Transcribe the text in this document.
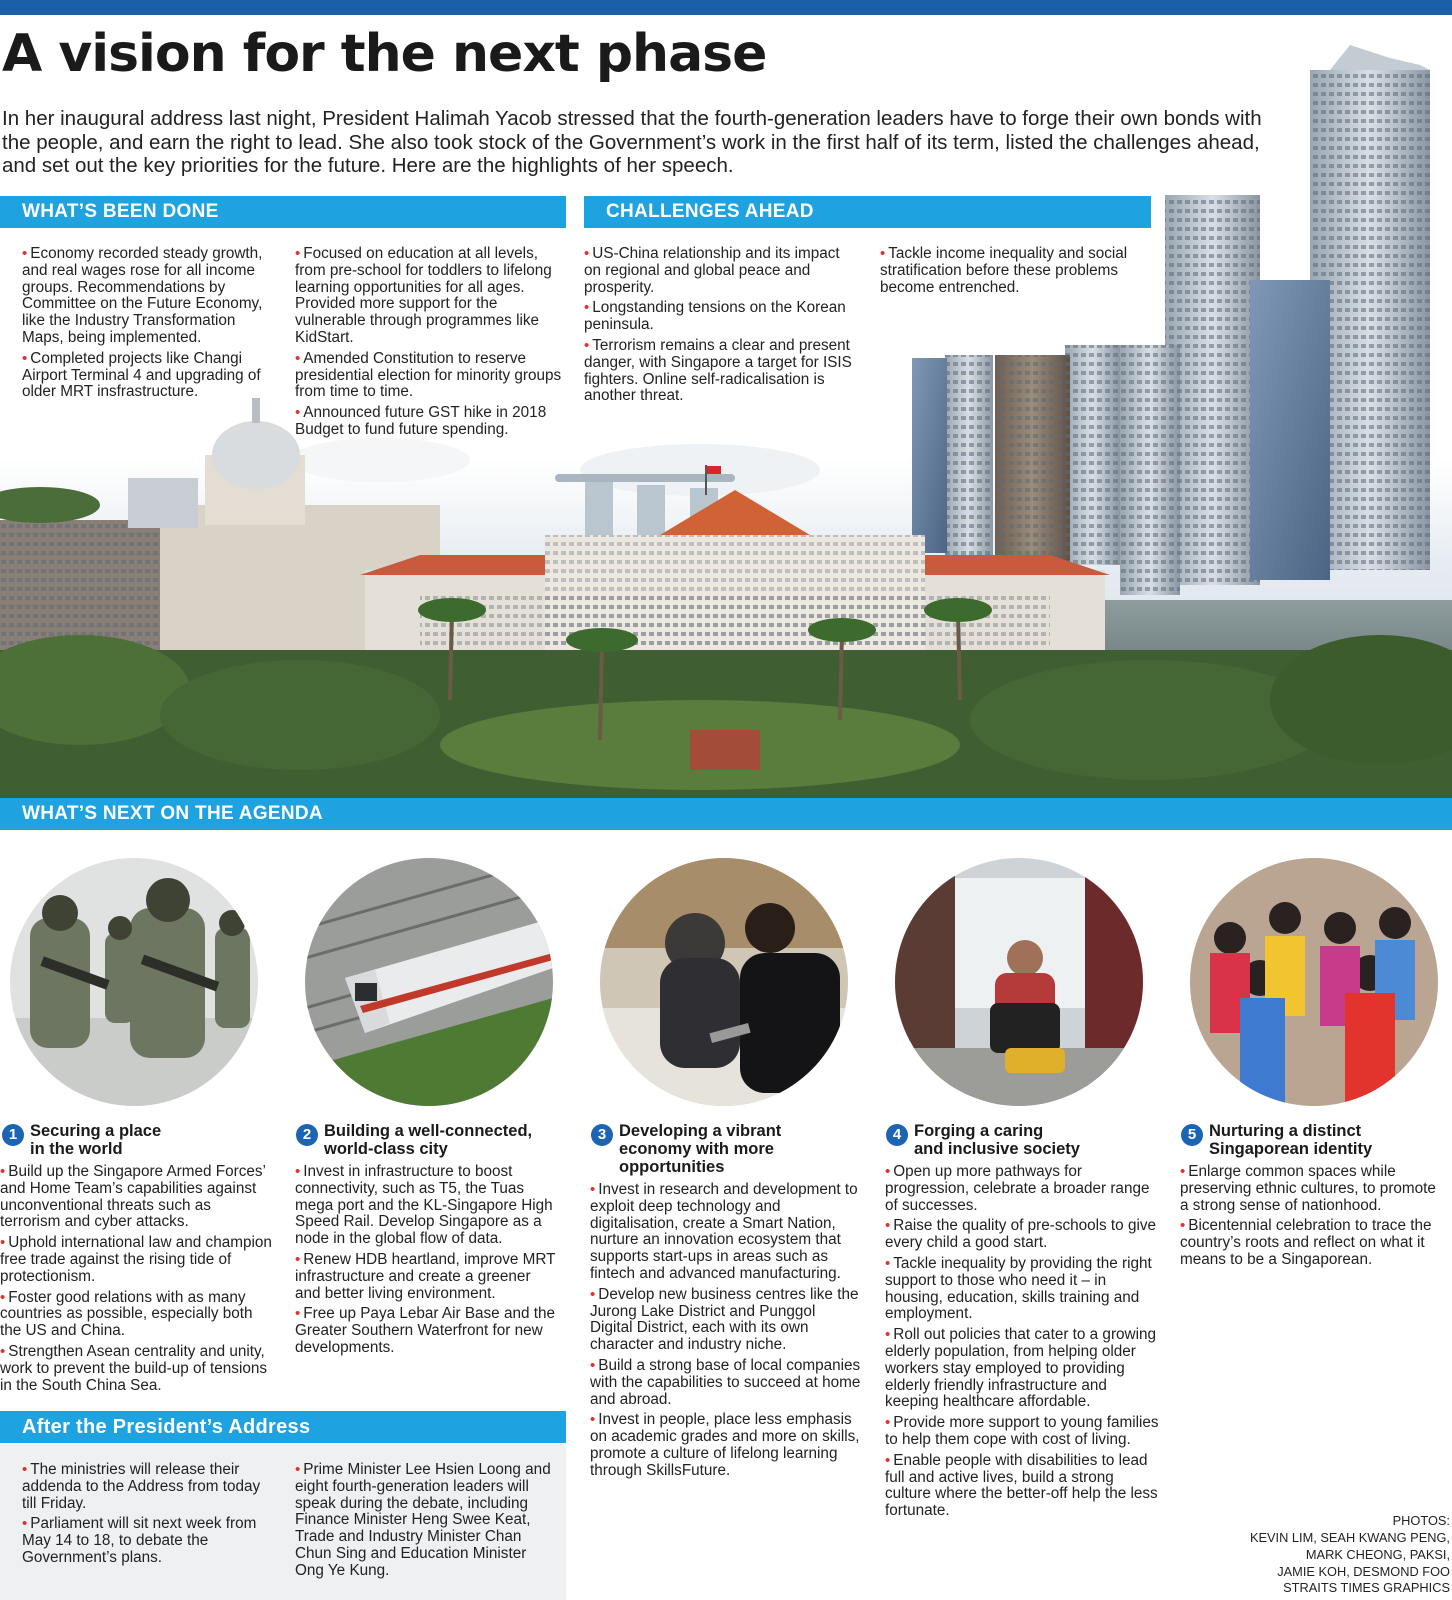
A vision for the next phase
In her inaugural address last night, President Halimah Yacob stressed that the fourth-generation leaders have to forge their own bonds with the people, and earn the right to lead. She also took stock of the Government’s work in the first half of its term, listed the challenges ahead, and set out the key priorities for the future. Here are the highlights of her speech.
WHAT’S BEEN DONE
• Economy recorded steady growth, and real wages rose for all income groups. Recommendations by Committee on the Future Economy, like the Industry Transformation Maps, being implemented.
• Completed projects like Changi Airport Terminal 4 and upgrading of older MRT insfrastructure.
• Focused on education at all levels, from pre-school for toddlers to lifelong learning opportunities for all ages. Provided more support for the vulnerable through programmes like KidStart.
• Amended Constitution to reserve presidential election for minority groups from time to time.
• Announced future GST hike in 2018 Budget to fund future spending.
CHALLENGES AHEAD
• US-China relationship and its impact on regional and global peace and prosperity.
• Longstanding tensions on the Korean peninsula.
• Terrorism remains a clear and present danger, with Singapore a target for ISIS fighters. Online self-radicalisation is another threat.
• Tackle income inequality and social stratification before these problems become entrenched.
WHAT’S NEXT ON THE AGENDA
1 Securing a place
in the world
• Build up the Singapore Armed Forces’ and Home Team’s capabilities against unconventional threats such as terrorism and cyber attacks.
• Uphold international law and champion free trade against the rising tide of protectionism.
• Foster good relations with as many countries as possible, especially both the US and China.
• Strengthen Asean centrality and unity, work to prevent the build-up of tensions in the South China Sea.
2 Building a well-connected,
world-class city
• Invest in infrastructure to boost connectivity, such as T5, the Tuas mega port and the KL-Singapore High Speed Rail. Develop Singapore as a node in the global flow of data.
• Renew HDB heartland, improve MRT infrastructure and create a greener and better living environment.
• Free up Paya Lebar Air Base and the Greater Southern Waterfront for new developments.
3 Developing a vibrant
economy with more
opportunities
• Invest in research and development to exploit deep technology and digitalisation, create a Smart Nation, nurture an innovation ecosystem that supports start-ups in areas such as fintech and advanced manufacturing.
• Develop new business centres like the Jurong Lake District and Punggol Digital District, each with its own character and industry niche.
• Build a strong base of local companies with the capabilities to succeed at home and abroad.
• Invest in people, place less emphasis on academic grades and more on skills, promote a culture of lifelong learning through SkillsFuture.
4 Forging a caring
and inclusive society
• Open up more pathways for progression, celebrate a broader range of successes.
• Raise the quality of pre-schools to give every child a good start.
• Tackle inequality by providing the right support to those who need it – in housing, education, skills training and employment.
• Roll out policies that cater to a growing elderly population, from helping older workers stay employed to providing elderly friendly infrastructure and keeping healthcare affordable.
• Provide more support to young families to help them cope with cost of living.
• Enable people with disabilities to lead full and active lives, build a strong culture where the better-off help the less fortunate.
5 Nurturing a distinct
Singaporean identity
• Enlarge common spaces while preserving ethnic cultures, to promote a strong sense of nationhood.
• Bicentennial celebration to trace the country’s roots and reflect on what it means to be a Singaporean.
After the President’s Address
• The ministries will release their addenda to the Address from today till Friday.
• Parliament will sit next week from May 14 to 18, to debate the Government’s plans.
• Prime Minister Lee Hsien Loong and eight fourth-generation leaders will speak during the debate, including Finance Minister Heng Swee Keat, Trade and Industry Minister Chan Chun Sing and Education Minister Ong Ye Kung.
PHOTOS:
KEVIN LIM, SEAH KWANG PENG,
MARK CHEONG, PAKSI,
JAMIE KOH, DESMOND FOO
STRAITS TIMES GRAPHICS
